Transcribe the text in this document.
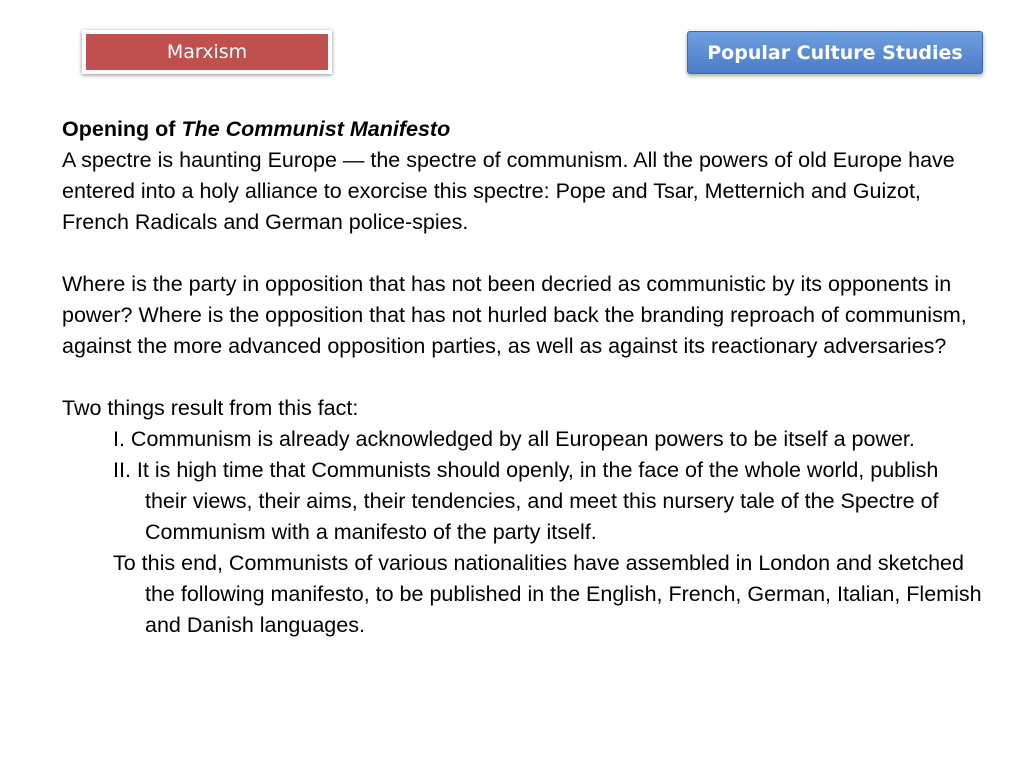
Marxism	Popular Culture Studies

Opening of The Communist Manifesto

A spectre is haunting Europe — the spectre of communism. All the powers of old Europe have entered into a holy alliance to exorcise this spectre: Pope and Tsar, Metternich and Guizot, French Radicals and German police-spies.

Where is the party in opposition that has not been decried as communistic by its opponents in power? Where is the opposition that has not hurled back the branding reproach of communism, against the more advanced opposition parties, as well as against its reactionary adversaries?

Two things result from this fact:

I. Communism is already acknowledged by all European powers to be itself a power.

II. It is high time that Communists should openly, in the face of the whole world, publish their views, their aims, their tendencies, and meet this nursery tale of the Spectre of Communism with a manifesto of the party itself.

To this end, Communists of various nationalities have assembled in London and sketched the following manifesto, to be published in the English, French, German, Italian, Flemish and Danish languages.
